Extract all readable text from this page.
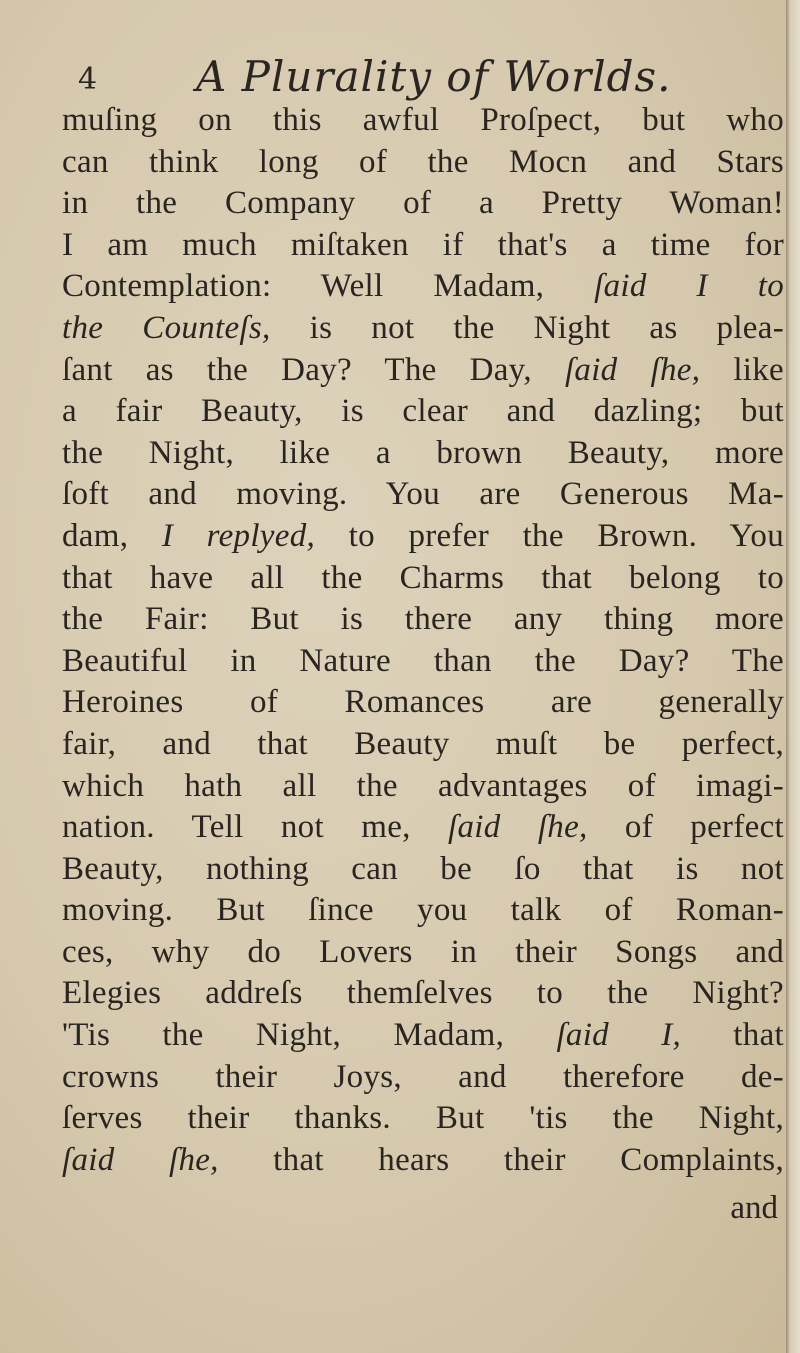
4 A Plurality of Worlds.
muſing on this awful Proſpect, but who
can think long of the Mocn and Stars
in the Company of a Pretty Woman!
I am much miſtaken if that's a time for
Contemplation: Well Madam, ſaid I to
the Counteſs, is not the Night as plea-
ſant as the Day? The Day, ſaid ſhe, like
a fair Beauty, is clear and dazling; but
the Night, like a brown Beauty, more
ſoft and moving. You are Generous Ma-
dam, I replyed, to prefer the Brown. You
that have all the Charms that belong to
the Fair: But is there any thing more
Beautiful in Nature than the Day? The
Heroines of Romances are generally
fair, and that Beauty muſt be perfect,
which hath all the advantages of imagi-
nation. Tell not me, ſaid ſhe, of perfect
Beauty, nothing can be ſo that is not
moving. But ſince you talk of Roman-
ces, why do Lovers in their Songs and
Elegies addreſs themſelves to the Night?
'Tis the Night, Madam, ſaid I, that
crowns their Joys, and therefore de-
ſerves their thanks. But 'tis the Night,
ſaid ſhe, that hears their Complaints,
and
